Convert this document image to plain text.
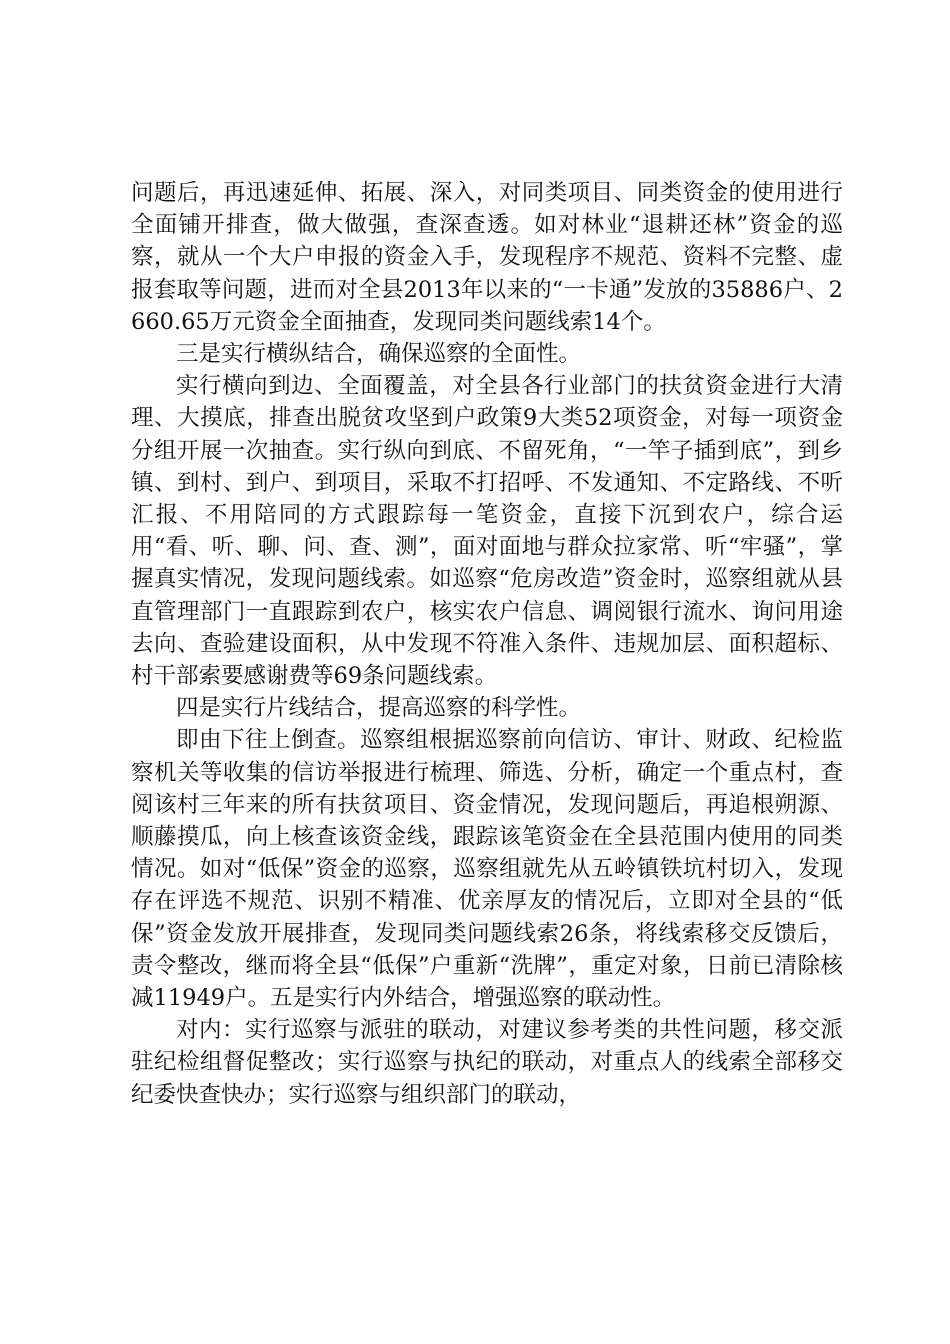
问题后，再迅速延伸、拓展、深入，对同类项目、同类资金的使用进行全面铺开排查，做大做强，查深查透。如对林业“退耕还林”资金的巡察，就从一个大户申报的资金入手，发现程序不规范、资料不完整、虚报套取等问题，进而对全县2013年以来的“一卡通”发放的35886户、2660.65万元资金全面抽查，发现同类问题线索14个。

三是实行横纵结合，确保巡察的全面性。

实行横向到边、全面覆盖，对全县各行业部门的扶贫资金进行大清理、大摸底，排查出脱贫攻坚到户政策9大类52项资金，对每一项资金分组开展一次抽查。实行纵向到底、不留死角，“一竿子插到底”，到乡镇、到村、到户、到项目，采取不打招呼、不发通知、不定路线、不听汇报、不用陪同的方式跟踪每一笔资金，直接下沉到农户，综合运用“看、听、聊、问、查、测”，面对面地与群众拉家常、听“牢骚”，掌握真实情况，发现问题线索。如巡察“危房改造”资金时，巡察组就从县直管理部门一直跟踪到农户，核实农户信息、调阅银行流水、询问用途去向、查验建设面积，从中发现不符准入条件、违规加层、面积超标、村干部索要感谢费等69条问题线索。

四是实行片线结合，提高巡察的科学性。

即由下往上倒查。巡察组根据巡察前向信访、审计、财政、纪检监察机关等收集的信访举报进行梳理、筛选、分析，确定一个重点村，查阅该村三年来的所有扶贫项目、资金情况，发现问题后，再追根朔源、顺藤摸瓜，向上核查该资金线，跟踪该笔资金在全县范围内使用的同类情况。如对“低保”资金的巡察，巡察组就先从五岭镇铁坑村切入，发现存在评选不规范、识别不精准、优亲厚友的情况后，立即对全县的“低保”资金发放开展排查，发现同类问题线索26条，将线索移交反馈后，责令整改，继而将全县“低保”户重新“洗牌”，重定对象，日前已清除核减11949户。五是实行内外结合，增强巡察的联动性。

对内：实行巡察与派驻的联动，对建议参考类的共性问题，移交派驻纪检组督促整改；实行巡察与执纪的联动，对重点人的线索全部移交纪委快查快办；实行巡察与组织部门的联动，
